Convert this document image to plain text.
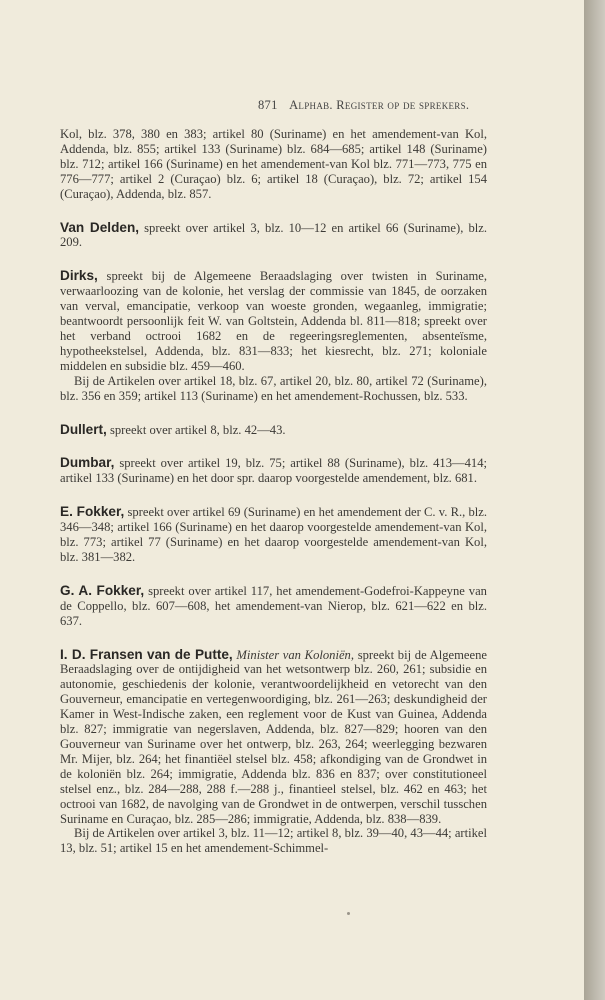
871 Alphab. Register op de sprekers.

Kol, blz. 378, 380 en 383; artikel 80 (Suriname) en het amendement-van Kol, Addenda, blz. 855; artikel 133 (Suriname) blz. 684—685; artikel 148 (Suriname) blz. 712; artikel 166 (Suriname) en het amendement-van Kol blz. 771—773, 775 en 776—777; artikel 2 (Curaçao) blz. 6; artikel 18 (Curaçao), blz. 72; artikel 154 (Curaçao), Addenda, blz. 857.

Van Delden, spreekt over artikel 3, blz. 10—12 en artikel 66 (Suriname), blz. 209.

Dirks, spreekt bij de Algemeene Beraadslaging over twisten in Suriname, verwaarloozing van de kolonie, het verslag der commissie van 1845, de oorzaken van verval, emancipatie, verkoop van woeste gronden, wegaanleg, immigratie; beantwoordt persoonlijk feit W. van Goltstein, Addenda bl. 811—818; spreekt over het verband octrooi 1682 en de regeeringsreglementen, absenteïsme, hypotheekstelsel, Addenda, blz. 831—833; het kiesrecht, blz. 271; koloniale middelen en subsidie blz. 459—460.

Bij de Artikelen over artikel 18, blz. 67, artikel 20, blz. 80, artikel 72 (Suriname), blz. 356 en 359; artikel 113 (Suriname) en het amendement-Rochussen, blz. 533.

Dullert, spreekt over artikel 8, blz. 42—43.

Dumbar, spreekt over artikel 19, blz. 75; artikel 88 (Suriname), blz. 413—414; artikel 133 (Suriname) en het door spr. daarop voorgestelde amendement, blz. 681.

E. Fokker, spreekt over artikel 69 (Suriname) en het amendement der C. v. R., blz. 346—348; artikel 166 (Suriname) en het daarop voorgestelde amendement-van Kol, blz. 773; artikel 77 (Suriname) en het daarop voorgestelde amendement-van Kol, blz. 381—382.

G. A. Fokker, spreekt over artikel 117, het amendement-Godefroi-Kappeyne van de Coppello, blz. 607—608, het amendement-van Nierop, blz. 621—622 en blz. 637.

I. D. Fransen van de Putte, Minister van Koloniën, spreekt bij de Algemeene Beraadslaging over de ontijdigheid van het wetsontwerp blz. 260, 261; subsidie en autonomie, geschiedenis der kolonie, verantwoordelijkheid en vetorecht van den Gouverneur, emancipatie en vertegenwoordiging, blz. 261—263; deskundigheid der Kamer in West-Indische zaken, een reglement voor de Kust van Guinea, Addenda blz. 827; immigratie van negerslaven, Addenda, blz. 827—829; hooren van den Gouverneur van Suriname over het ontwerp, blz. 263, 264; weerlegging bezwaren Mr. Mijer, blz. 264; het finantiëel stelsel blz. 458; afkondiging van de Grondwet in de koloniën blz. 264; immigratie, Addenda blz. 836 en 837; over constitutioneel stelsel enz., blz. 284—288, 288 f.—288 j., finantieel stelsel, blz. 462 en 463; het octrooi van 1682, de navolging van de Grondwet in de ontwerpen, verschil tusschen Suriname en Curaçao, blz. 285—286; immigratie, Addenda, blz. 838—839.

Bij de Artikelen over artikel 3, blz. 11—12; artikel 8, blz. 39—40, 43—44; artikel 13, blz. 51; artikel 15 en het amendement-Schimmel-
